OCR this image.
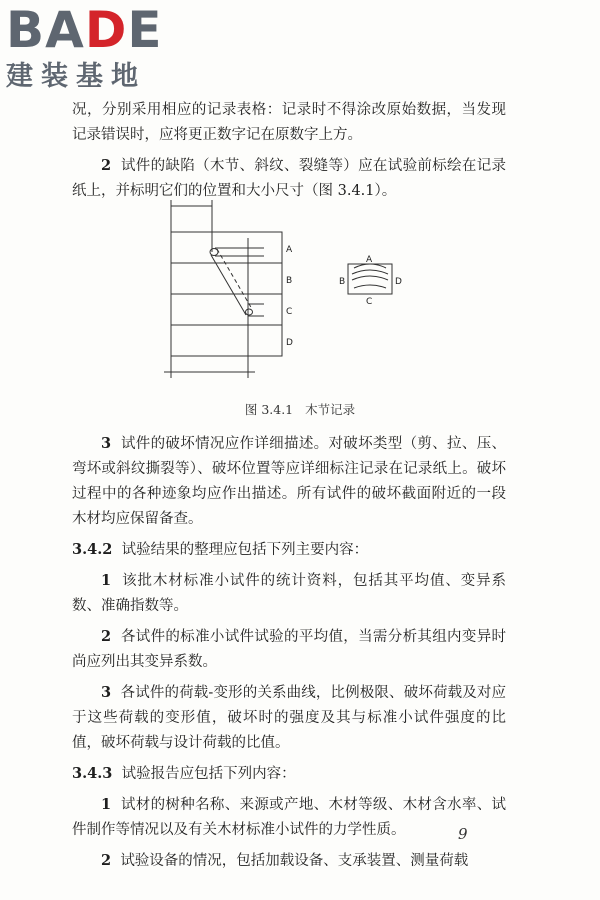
BADE
建装基地

况，分别采用相应的记录表格：记录时不得涂改原始数据，当发现记录错误时，应将更正数字记在原数字上方。

2 试件的缺陷（木节、斜纹、裂缝等）应在试验前标绘在记录纸上，并标明它们的位置和大小尺寸（图 3.4.1）。

A
B
C
D
A
B	D
C
图 3.4.1 木节记录

3 试件的破坏情况应作详细描述。对破坏类型（剪、拉、压、弯坏或斜纹撕裂等）、破坏位置等应详细标注记录在记录纸上。破坏过程中的各种迹象均应作出描述。所有试件的破坏截面附近的一段木材均应保留备查。

3.4.2 试验结果的整理应包括下列主要内容：

1 该批木材标准小试件的统计资料，包括其平均值、变异系数、准确指数等。

2 各试件的标准小试件试验的平均值，当需分析其组内变异时尚应列出其变异系数。

3 各试件的荷载-变形的关系曲线，比例极限、破坏荷载及对应于这些荷载的变形值，破坏时的强度及其与标准小试件强度的比值，破坏荷载与设计荷载的比值。

3.4.3 试验报告应包括下列内容：

1 试材的树种名称、来源或产地、木材等级、木材含水率、试件制作等情况以及有关木材标准小试件的力学性质。

2 试验设备的情况，包括加载设备、支承装置、测量荷载

9
